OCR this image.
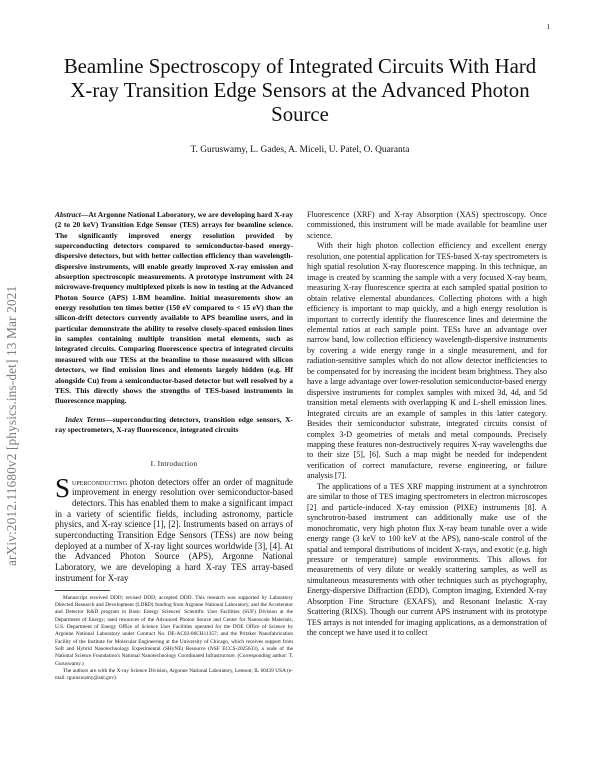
1
arXiv:2012.11680v2 [physics.ins-det] 13 Mar 2021
Beamline Spectroscopy of Integrated Circuits With Hard X-ray Transition Edge Sensors at the Advanced Photon Source
T. Guruswamy, L. Gades, A. Miceli, U. Patel, O. Quaranta

Abstract—At Argonne National Laboratory, we are developing hard X-ray (2 to 20 keV) Transition Edge Sensor (TES) arrays for beamline science. The significantly improved energy resolution provided by superconducting detectors compared to semiconductor-based energy-dispersive detectors, but with better collection efficiency than wavelength-dispersive instruments, will enable greatly improved X-ray emission and absorption spectroscopic measurements. A prototype instrument with 24 microwave-frequency multiplexed pixels is now in testing at the Advanced Photon Source (APS) 1-BM beamline. Initial measurements show an energy resolution ten times better (150 eV compared to < 15 eV) than the silicon-drift detectors currently available to APS beamline users, and in particular demonstrate the ability to resolve closely-spaced emission lines in samples containing multiple transition metal elements, such as integrated circuits. Comparing fluorescence spectra of integrated circuits measured with our TESs at the beamline to those measured with silicon detectors, we find emission lines and elements largely hidden (e.g. Hf alongside Cu) from a semiconductor-based detector but well resolved by a TES. This directly shows the strengths of TES-based instruments in fluorescence mapping.

Index Terms—superconducting detectors, transition edge sensors, X-ray spectrometers, X-ray fluorescence, integrated circuits

I. Introduction

Superconducting photon detectors offer an order of magnitude improvement in energy resolution over semiconductor-based detectors. This has enabled them to make a significant impact in a variety of scientific fields, including astronomy, particle physics, and X-ray science [1], [2]. Instruments based on arrays of superconducting Transition Edge Sensors (TESs) are now being deployed at a number of X-ray light sources worldwide [3], [4]. At the Advanced Photon Source (APS), Argonne National Laboratory, we are developing a hard X-ray TES array-based instrument for X-ray

Manuscript received DDD; revised DDD; accepted DDD. This research was supported by Laboratory Directed Research and Development (LDRD) funding from Argonne National Laboratory, and the Accelerator and Detector R&D program in Basic Energy Sciences' Scientific User Facilities (SUF) Division at the Department of Energy; used resources of the Advanced Photon Source and Center for Nanoscale Materials, U.S. Department of Energy Office of Science User Facilities operated for the DOE Office of Science by Argonne National Laboratory under Contract No. DE-AC02-06CH11357; and the Pritzker Nanofabrication Facility of the Institute for Molecular Engineering at the University of Chicago, which receives support from Soft and Hybrid Nanotechnology Experimental (SHyNE) Resource (NSF ECCS-2025633), a node of the National Science Foundation's National Nanotechnology Coordinated Infrastructure. (Corresponding author: T. Guruswamy.)

The authors are with the X-ray Science Division, Argonne National Laboratory, Lemont, IL 60439 USA (e-mail: tguruswamy@anl.gov).

Fluorescence (XRF) and X-ray Absorption (XAS) spectroscopy. Once commissioned, this instrument will be made available for beamline user science.

With their high photon collection efficiency and excellent energy resolution, one potential application for TES-based X-ray spectrometers is high spatial resolution X-ray fluorescence mapping. In this technique, an image is created by scanning the sample with a very focused X-ray beam, measuring X-ray fluorescence spectra at each sampled spatial position to obtain relative elemental abundances. Collecting photons with a high efficiency is important to map quickly, and a high energy resolution is important to correctly identify the fluorescence lines and determine the elemental ratios at each sample point. TESs have an advantage over narrow band, low collection efficiency wavelength-dispersive instruments by covering a wide energy range in a single measurement, and for radiation-sensitive samples which do not allow detector inefficiencies to be compensated for by increasing the incident beam brightness. They also have a large advantage over lower-resolution semiconductor-based energy dispersive instruments for complex samples with mixed 3d, 4d, and 5d transition metal elements with overlapping K and L-shell emission lines. Integrated circuits are an example of samples in this latter category. Besides their semiconductor substrate, integrated circuits consist of complex 3-D geometries of metals and metal compounds. Precisely mapping these features non-destructively requires X-ray wavelengths due to their size [5], [6]. Such a map might be needed for independent verification of correct manufacture, reverse engineering, or failure analysis [7].

The applications of a TES XRF mapping instrument at a synchrotron are similar to those of TES imaging spectrometers in electron microscopes [2] and particle-induced X-ray emission (PIXE) instruments [8]. A synchrotron-based instrument can additionally make use of the monochromatic, very high photon flux X-ray beam tunable over a wide energy range (3 keV to 100 keV at the APS), nano-scale control of the spatial and temporal distributions of incident X-rays, and exotic (e.g. high pressure or temperature) sample environments. This allows for measurements of very dilute or weakly scattering samples, as well as simultaneous measurements with other techniques such as ptychography, Energy-dispersive Diffraction (EDD), Compton imaging, Extended X-ray Absorption Fine Structure (EXAFS), and Resonant Inelastic X-ray Scattering (RIXS). Though our current APS instrument with its prototype TES arrays is not intended for imaging applications, as a demonstration of the concept we have used it to collect
